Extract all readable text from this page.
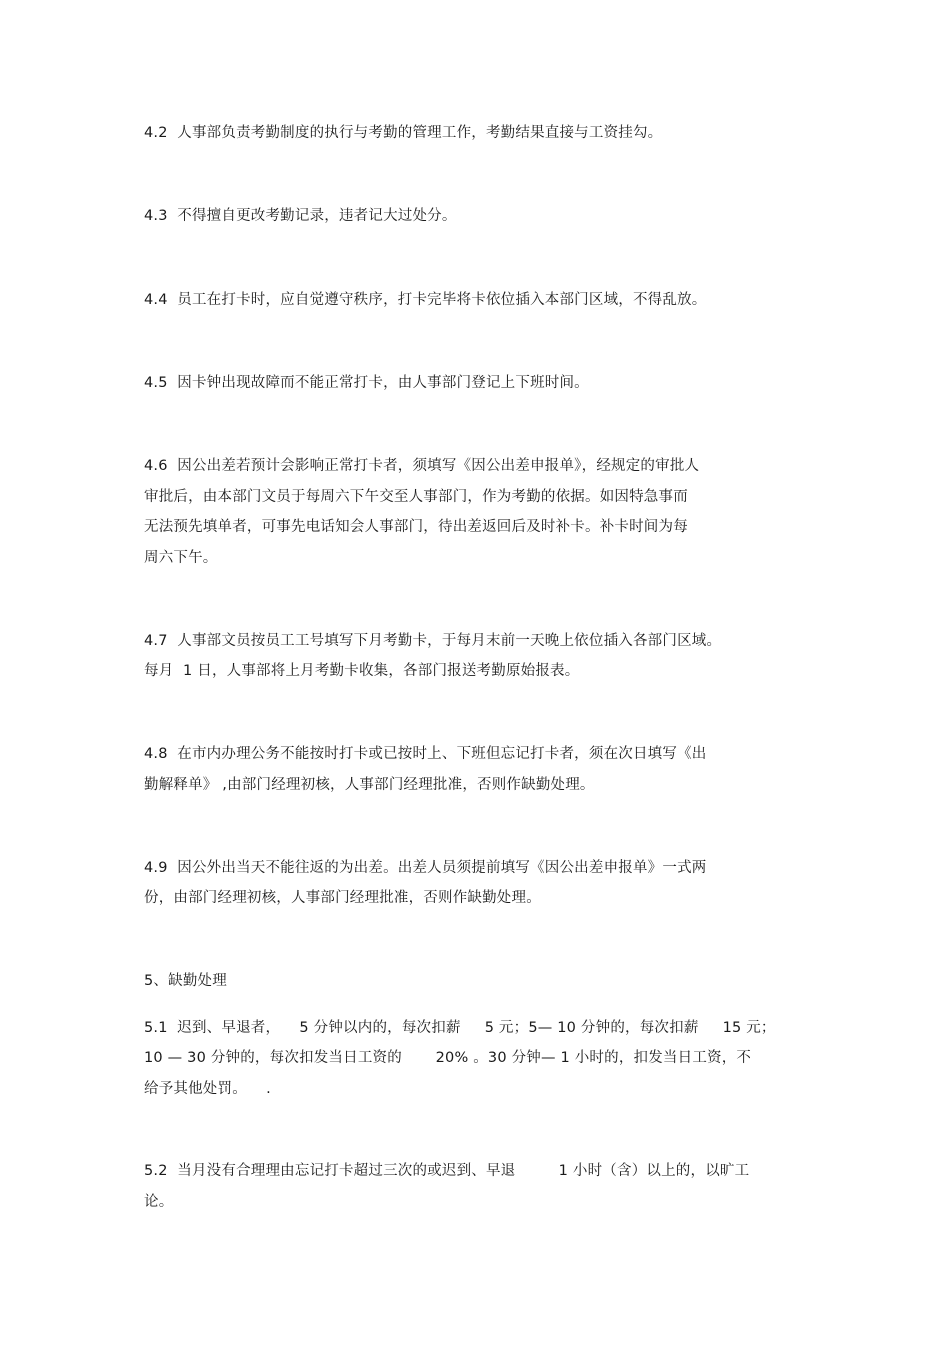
4.2  人事部负责考勤制度的执行与考勤的管理工作，考勤结果直接与工资挂勾。
4.3  不得擅自更改考勤记录，违者记大过处分。
4.4  员工在打卡时，应自觉遵守秩序，打卡完毕将卡依位插入本部门区域，不得乱放。
4.5  因卡钟出现故障而不能正常打卡，由人事部门登记上下班时间。
4.6  因公出差若预计会影响正常打卡者，须填写《因公出差申报单》，经规定的审批人
审批后，由本部门文员于每周六下午交至人事部门，作为考勤的依据。如因特急事而
无法预先填单者，可事先电话知会人事部门，待出差返回后及时补卡。补卡时间为每
周六下午。
4.7  人事部文员按员工工号填写下月考勤卡，于每月末前一天晚上依位插入各部门区域。
每月  1 日，人事部将上月考勤卡收集，各部门报送考勤原始报表。
4.8  在市内办理公务不能按时打卡或已按时上、下班但忘记打卡者，须在次日填写《出
勤解释单》 ,由部门经理初核，人事部门经理批准，否则作缺勤处理。
4.9  因公外出当天不能往返的为出差。出差人员须提前填写《因公出差申报单》一式两
份，由部门经理初核，人事部门经理批准，否则作缺勤处理。
5、缺勤处理
5.1  迟到、早退者，    5 分钟以内的，每次扣薪     5 元；5— 10 分钟的，每次扣薪     15 元；
10 — 30 分钟的，每次扣发当日工资的       20% 。30 分钟— 1 小时的，扣发当日工资，不
给予其他处罚。    .
5.2  当月没有合理理由忘记打卡超过三次的或迟到、早退         1 小时（含）以上的，以旷工
论。
